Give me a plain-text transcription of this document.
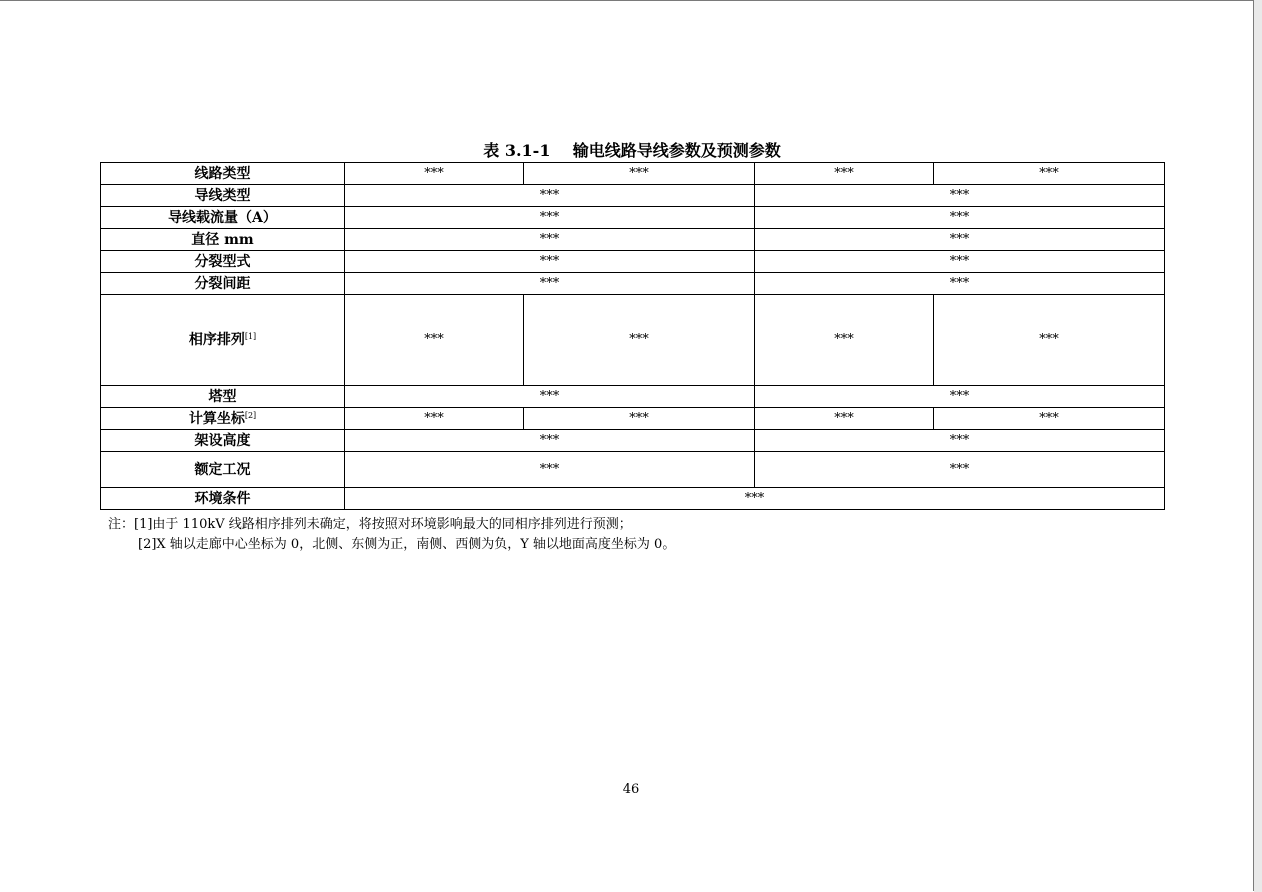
表 3.1-1    输电线路导线参数及预测参数
线路类型	***	***	***	***
导线类型	***		***	
导线载流量（A）	***		***	
直径 mm	***		***	
分裂型式	***		***	
分裂间距	***		***	
相序排列[1]	***	***	***	***
塔型	***		***	
计算坐标[2]	***	***	***	***
架设高度	***		***	
额定工况	***		***	
环境条件	***			
注：[1]由于 110kV 线路相序排列未确定，将按照对环境影响最大的同相序排列进行预测；
[2]X 轴以走廊中心坐标为 0，北侧、东侧为正，南侧、西侧为负，Y 轴以地面高度坐标为 0。
46
